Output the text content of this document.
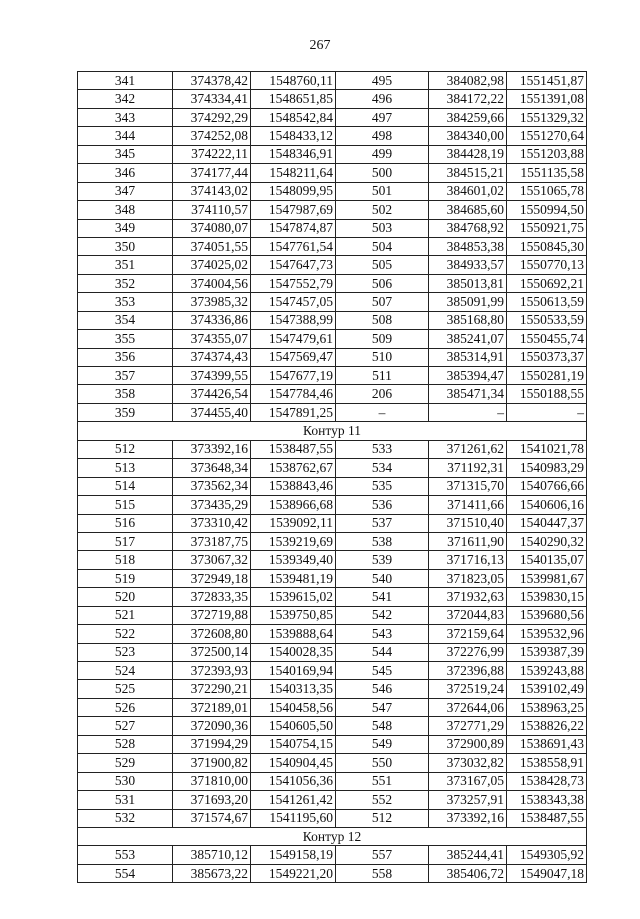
267
341	374378,42	1548760,11	495	384082,98	1551451,87
342	374334,41	1548651,85	496	384172,22	1551391,08
343	374292,29	1548542,84	497	384259,66	1551329,32
344	374252,08	1548433,12	498	384340,00	1551270,64
345	374222,11	1548346,91	499	384428,19	1551203,88
346	374177,44	1548211,64	500	384515,21	1551135,58
347	374143,02	1548099,95	501	384601,02	1551065,78
348	374110,57	1547987,69	502	384685,60	1550994,50
349	374080,07	1547874,87	503	384768,92	1550921,75
350	374051,55	1547761,54	504	384853,38	1550845,30
351	374025,02	1547647,73	505	384933,57	1550770,13
352	374004,56	1547552,79	506	385013,81	1550692,21
353	373985,32	1547457,05	507	385091,99	1550613,59
354	374336,86	1547388,99	508	385168,80	1550533,59
355	374355,07	1547479,61	509	385241,07	1550455,74
356	374374,43	1547569,47	510	385314,91	1550373,37
357	374399,55	1547677,19	511	385394,47	1550281,19
358	374426,54	1547784,46	206	385471,34	1550188,55
359	374455,40	1547891,25	–	–	–
Контур 11					
512	373392,16	1538487,55	533	371261,62	1541021,78
513	373648,34	1538762,67	534	371192,31	1540983,29
514	373562,34	1538843,46	535	371315,70	1540766,66
515	373435,29	1538966,68	536	371411,66	1540606,16
516	373310,42	1539092,11	537	371510,40	1540447,37
517	373187,75	1539219,69	538	371611,90	1540290,32
518	373067,32	1539349,40	539	371716,13	1540135,07
519	372949,18	1539481,19	540	371823,05	1539981,67
520	372833,35	1539615,02	541	371932,63	1539830,15
521	372719,88	1539750,85	542	372044,83	1539680,56
522	372608,80	1539888,64	543	372159,64	1539532,96
523	372500,14	1540028,35	544	372276,99	1539387,39
524	372393,93	1540169,94	545	372396,88	1539243,88
525	372290,21	1540313,35	546	372519,24	1539102,49
526	372189,01	1540458,56	547	372644,06	1538963,25
527	372090,36	1540605,50	548	372771,29	1538826,22
528	371994,29	1540754,15	549	372900,89	1538691,43
529	371900,82	1540904,45	550	373032,82	1538558,91
530	371810,00	1541056,36	551	373167,05	1538428,73
531	371693,20	1541261,42	552	373257,91	1538343,38
532	371574,67	1541195,60	512	373392,16	1538487,55
Контур 12					
553	385710,12	1549158,19	557	385244,41	1549305,92
554	385673,22	1549221,20	558	385406,72	1549047,18
